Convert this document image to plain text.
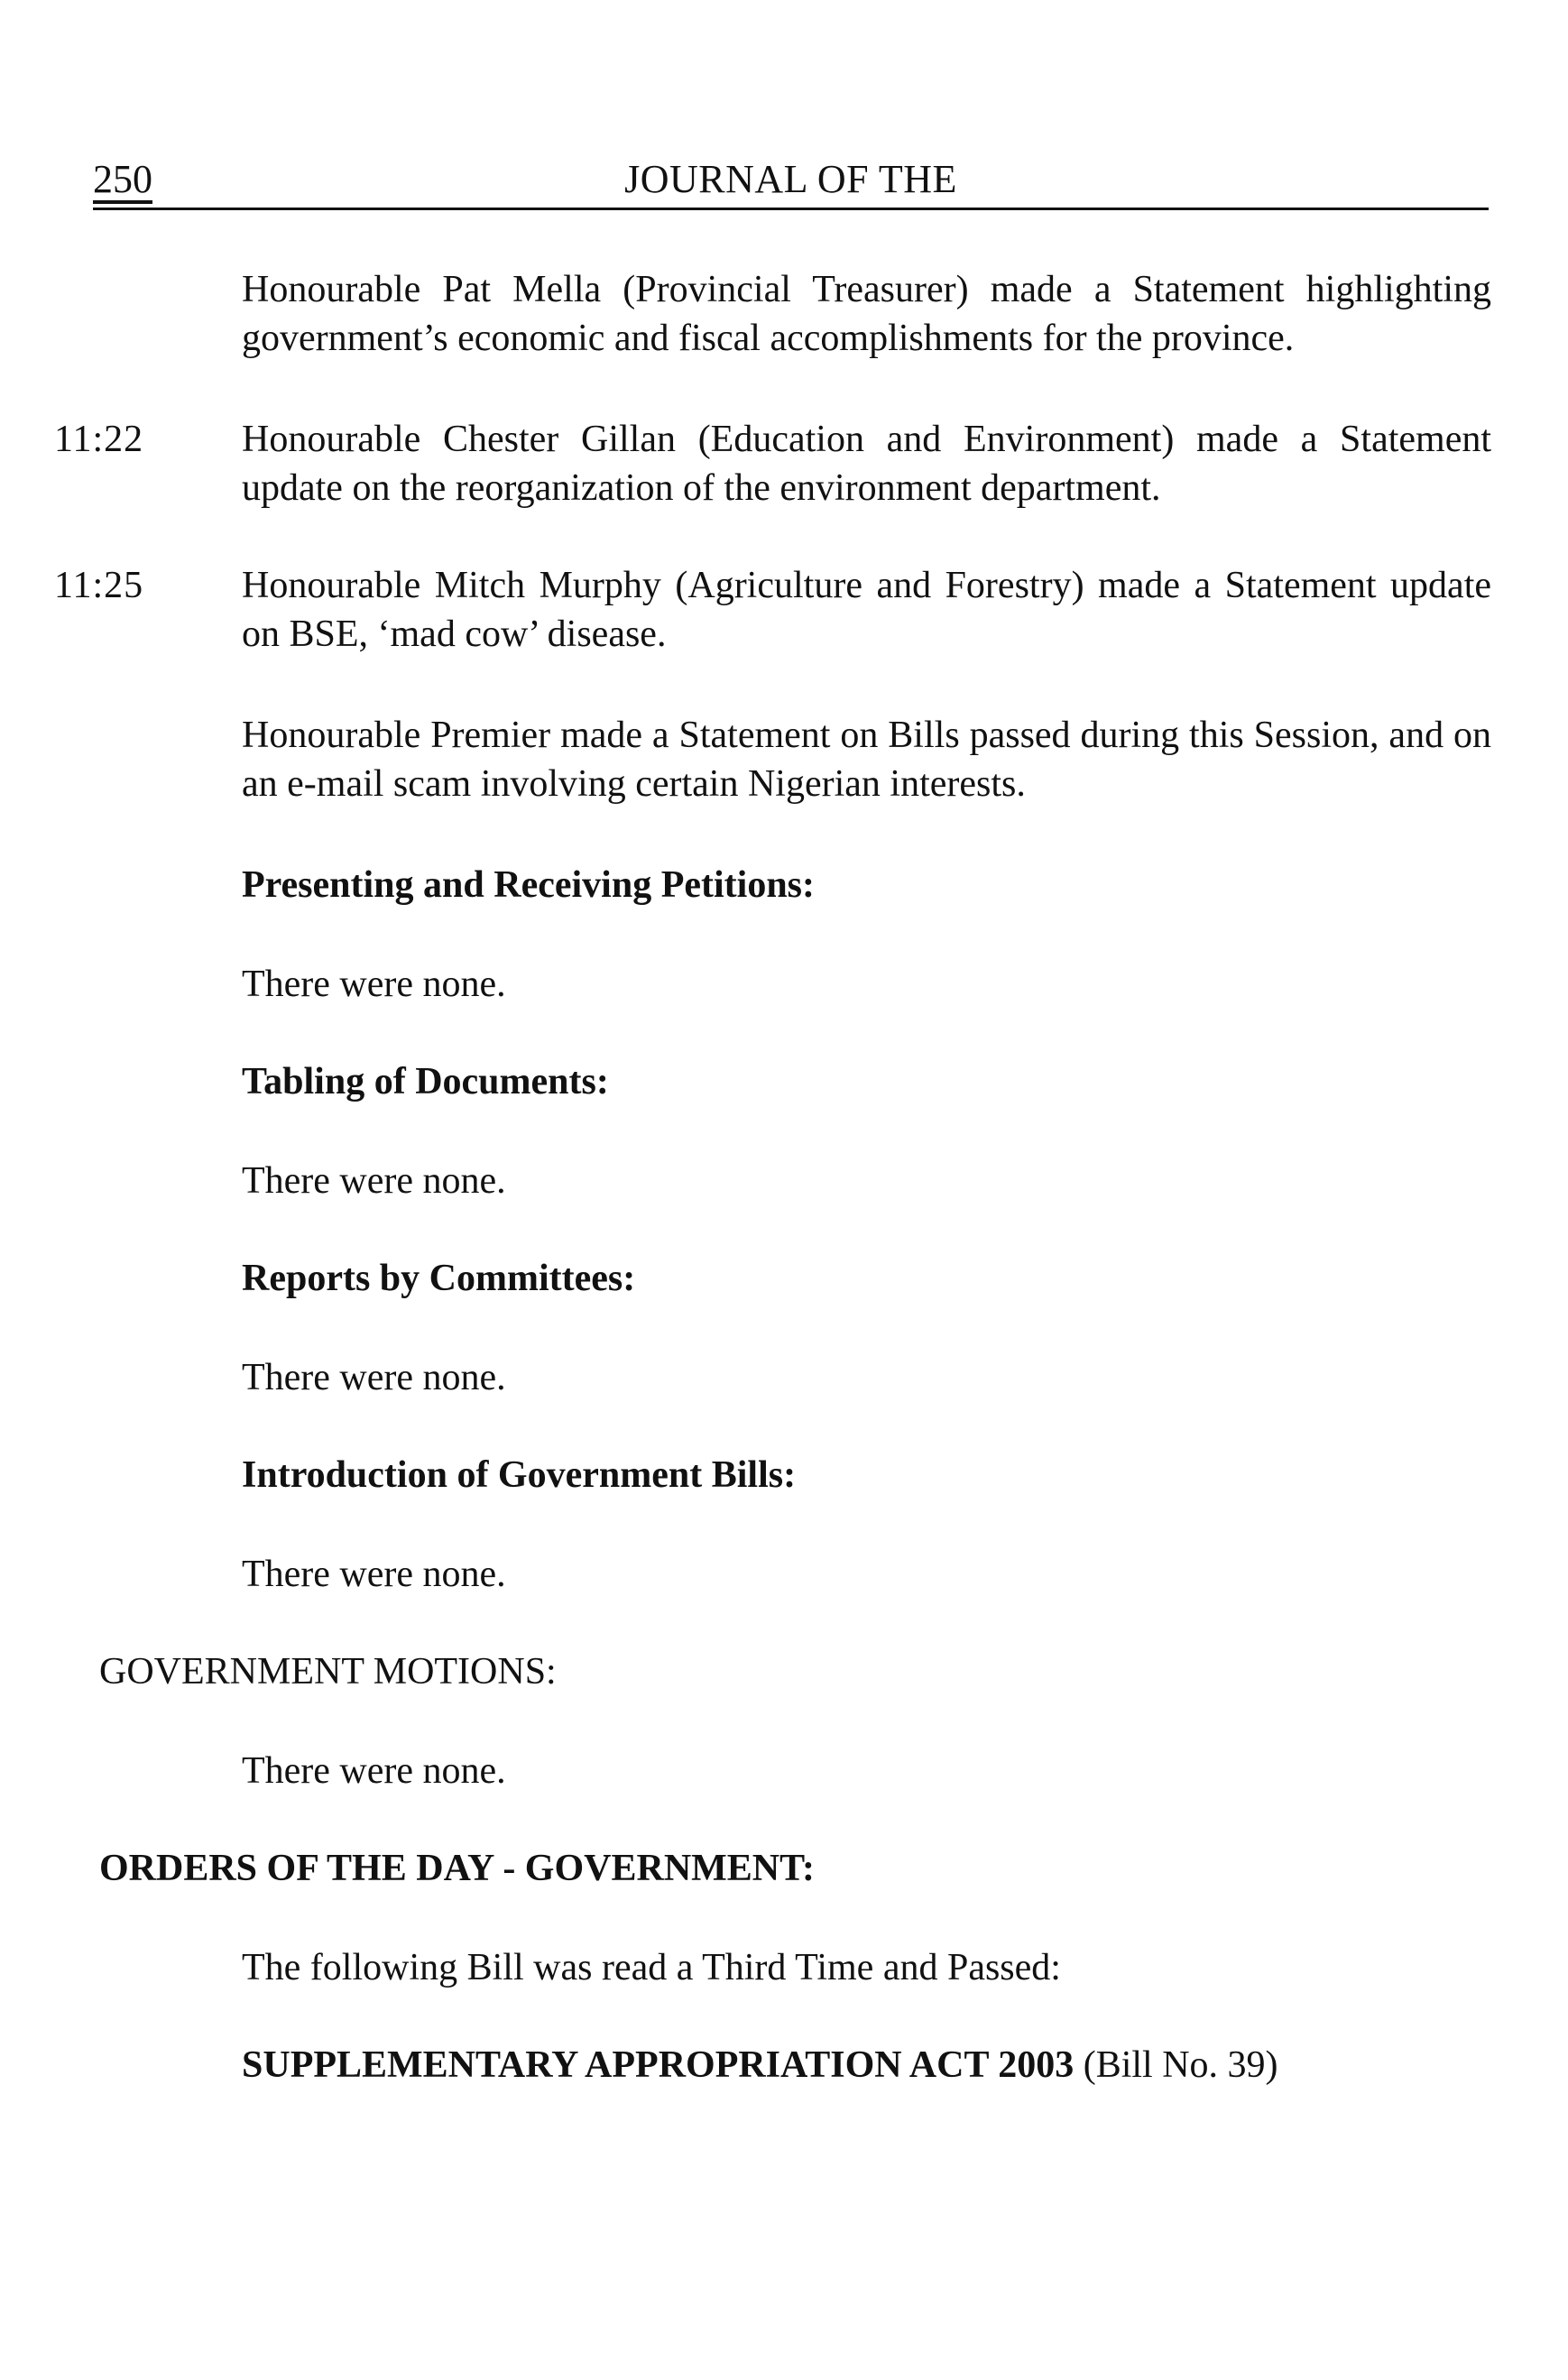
250	JOURNAL OF THE

Honourable Pat Mella (Provincial Treasurer) made a Statement highlighting government’s economic and fiscal accomplishments for the province.

11:22	Honourable Chester Gillan (Education and Environment) made a Statement update on the reorganization of the environment department.

11:25	Honourable Mitch Murphy (Agriculture and Forestry) made a Statement update on BSE, ‘mad cow’ disease.

Honourable Premier made a Statement on Bills passed during this Session, and on an e-mail scam involving certain Nigerian interests.

Presenting and Receiving Petitions:
There were none.
Tabling of Documents:
There were none.
Reports by Committees:
There were none.
Introduction of Government Bills:
There were none.
GOVERNMENT MOTIONS:
There were none.
ORDERS OF THE DAY - GOVERNMENT:
The following Bill was read a Third Time and Passed:
SUPPLEMENTARY APPROPRIATION ACT 2003 (Bill No. 39)
